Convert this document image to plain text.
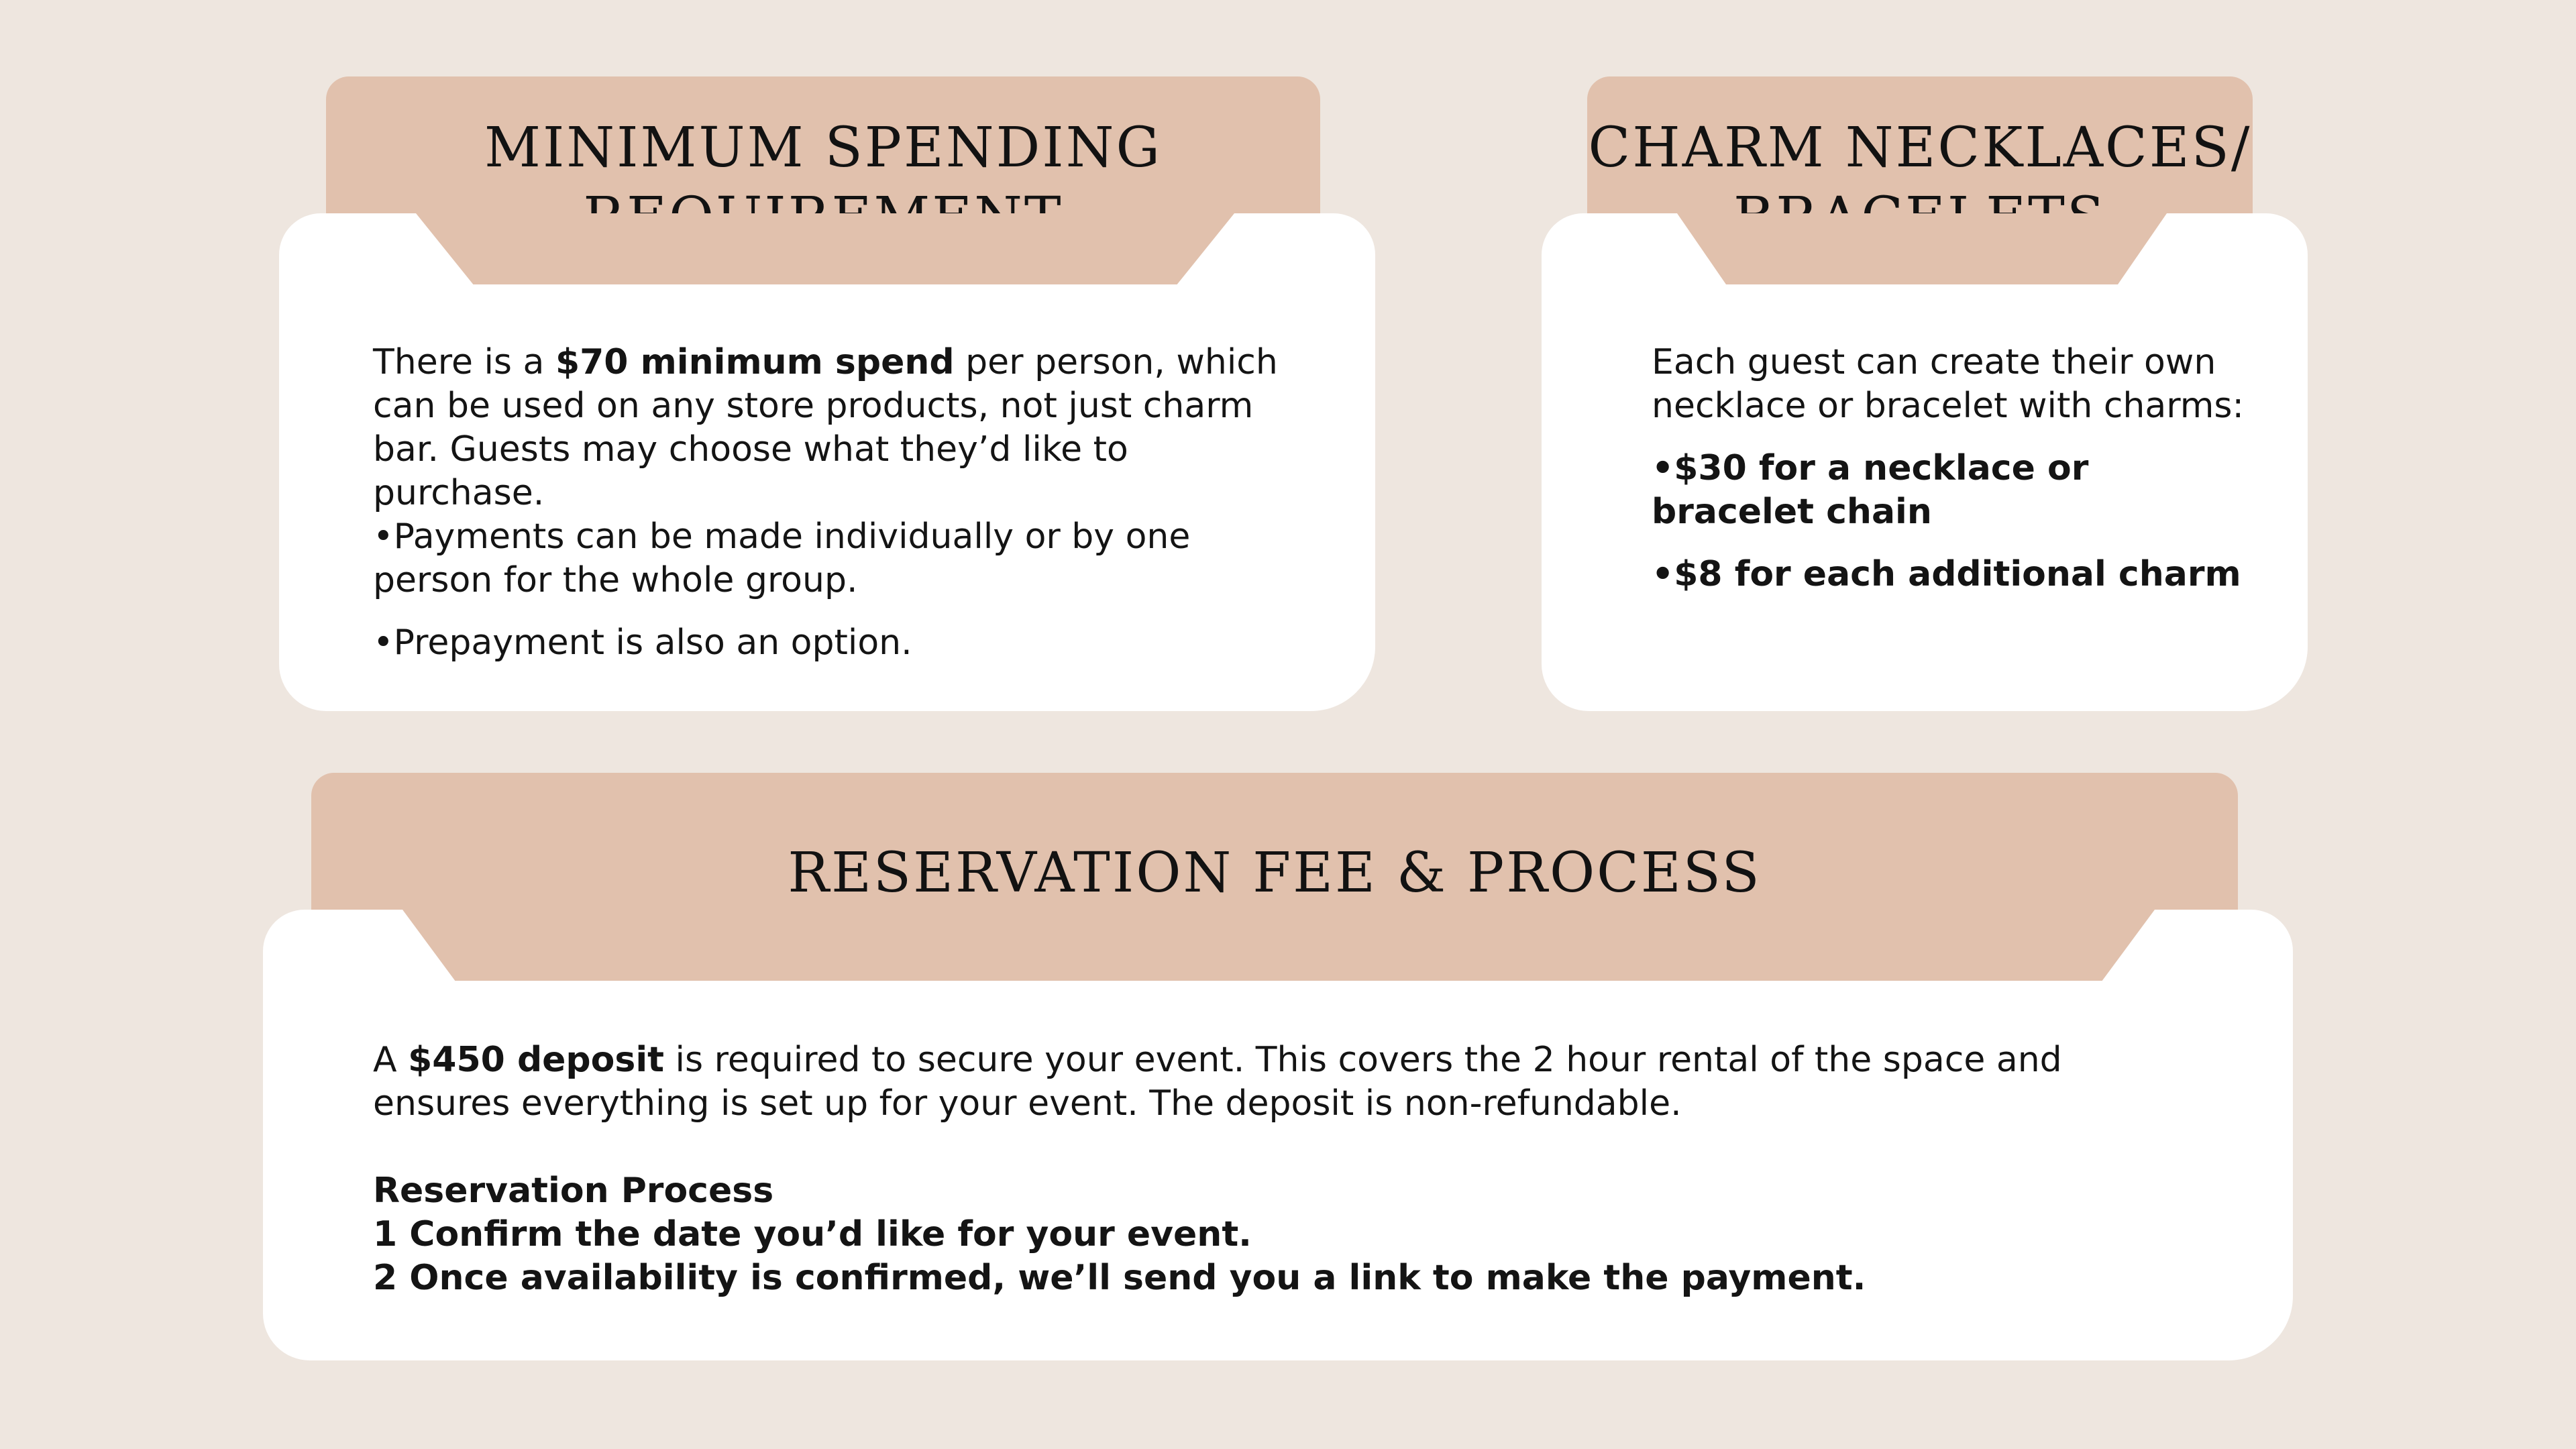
MINIMUM SPENDING

There is a $70 minimum spend per person, which can be used on any store products, not just charm bar. Guests may choose what they’d like to purchase.

•Payments can be made individually or by one person for the whole group.

•Prepayment is also an option.

CHARM NECKLACES/

Each guest can create their own necklace or bracelet with charms:

•$30 for a necklace or bracelet chain

•$8 for each additional charm

RESERVATION FEE & PROCESS

A $450 deposit is required to secure your event. This covers the 2 hour rental of the space and ensures everything is set up for your event. The deposit is non-refundable.

Reservation Process

1 Confirm the date you’d like for your event.

2 Once availability is confirmed, we’ll send you a link to make the payment.
